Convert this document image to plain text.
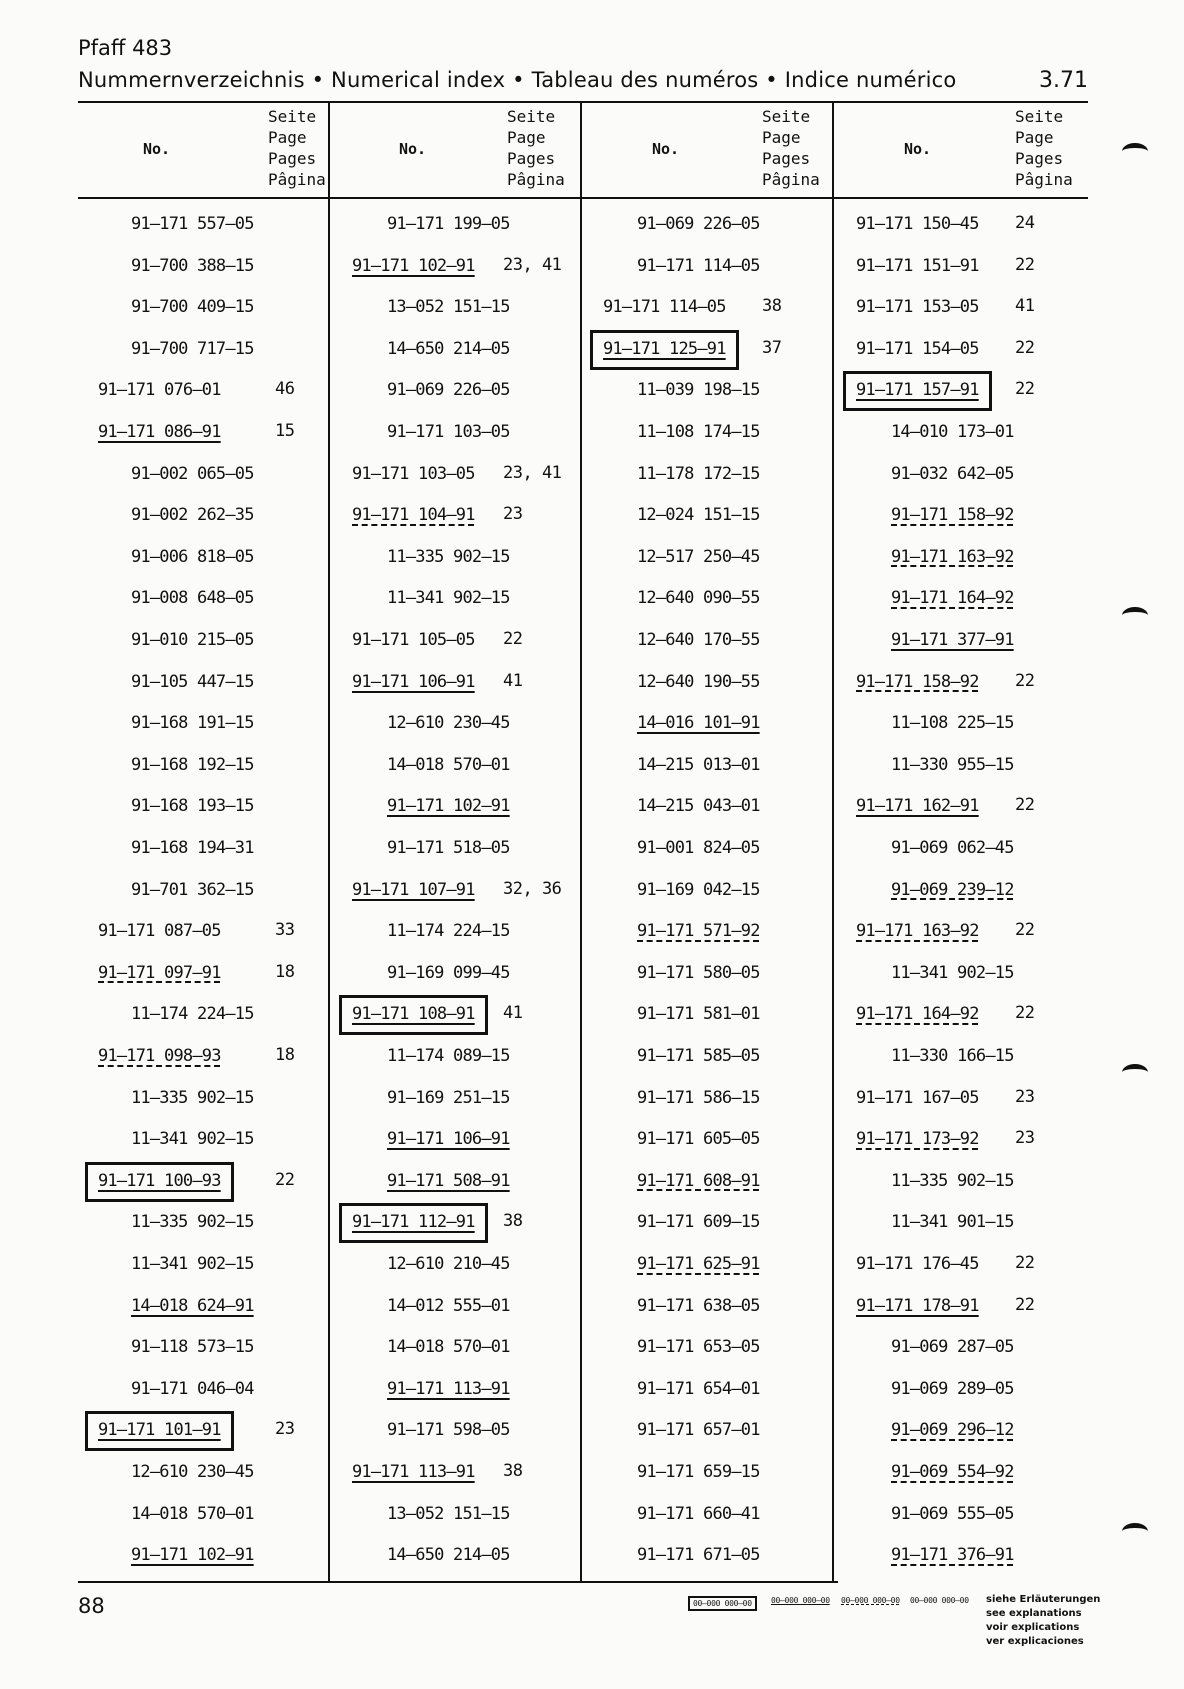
Pfaff 483
Nummernverzeichnis • Numerical index • Tableau des numéros • Indice numérico	3.71
No.
Seite
Page
Pages
Pâgina
91–171 557–05
91–700 388–15
91–700 409–15
91–700 717–15
91–171 076–01	46
91–171 086–91	15
91–002 065–05
91–002 262–35
91–006 818–05
91–008 648–05
91–010 215–05
91–105 447–15
91–168 191–15
91–168 192–15
91–168 193–15
91–168 194–31
91–701 362–15
91–171 087–05	33
91–171 097–91	18
11–174 224–15
91–171 098–93	18
11–335 902–15
11–341 902–15
91–171 100–93	22
11–335 902–15
11–341 902–15
14–018 624–91
91–118 573–15
91–171 046–04
91–171 101–91	23
12–610 230–45
14–018 570–01
91–171 102–91
No.
Seite
Page
Pages
Pâgina
91–171 199–05
91–171 102–91 23, 41
13–052 151–15
14–650 214–05
91–069 226–05
91–171 103–05
91–171 103–05 23, 41
91–171 104–91 23
11–335 902–15
11–341 902–15
91–171 105–05 22
91–171 106–91 41
12–610 230–45
14–018 570–01
91–171 102–91
91–171 518–05
91–171 107–91 32, 36
11–174 224–15
91–169 099–45
91–171 108–91	41
11–174 089–15
91–169 251–15
91–171 106–91
91–171 508–91
91–171 112–91	38
12–610 210–45
14–012 555–01
14–018 570–01
91–171 113–91
91–171 598–05
91–171 113–91 38
13–052 151–15
14–650 214–05
No.
Seite
Page
Pages
Pâgina
91–069 226–05
91–171 114–05
91–171 114–05 38
91–171 125–91	37
11–039 198–15
11–108 174–15
11–178 172–15
12–024 151–15
12–517 250–45
12–640 090–55
12–640 170–55
12–640 190–55
14–016 101–91
14–215 013–01
14–215 043–01
91–001 824–05
91–169 042–15
91–171 571–92
91–171 580–05
91–171 581–01
91–171 585–05
91–171 586–15
91–171 605–05
91–171 608–91
91–171 609–15
91–171 625–91
91–171 638–05
91–171 653–05
91–171 654–01
91–171 657–01
91–171 659–15
91–171 660–41
91–171 671–05
No.
Seite
Page
Pages
Pâgina
91–171 150–45 24
91–171 151–91 22
91–171 153–05 41
91–171 154–05 22
91–171 157–91	22
14–010 173–01
91–032 642–05
91–171 158–92
91–171 163–92
91–171 164–92
91–171 377–91
91–171 158–92 22
11–108 225–15
11–330 955–15
91–171 162–91 22
91–069 062–45
91–069 239–12
91–171 163–92 22
11–341 902–15
91–171 164–92 22
11–330 166–15
91–171 167–05 23
91–171 173–92 23
11–335 902–15
11–341 901–15
91–171 176–45 22
91–171 178–91 22
91–069 287–05
91–069 289–05
91–069 296–12
91–069 554–92
91–069 555–05
91–171 376–91
88	00–000 000–00	00–000 000–00 00–000 000–00 00–000 000–00 siehe Erläuterungen
see explanations
voir explications
ver explicaciones
